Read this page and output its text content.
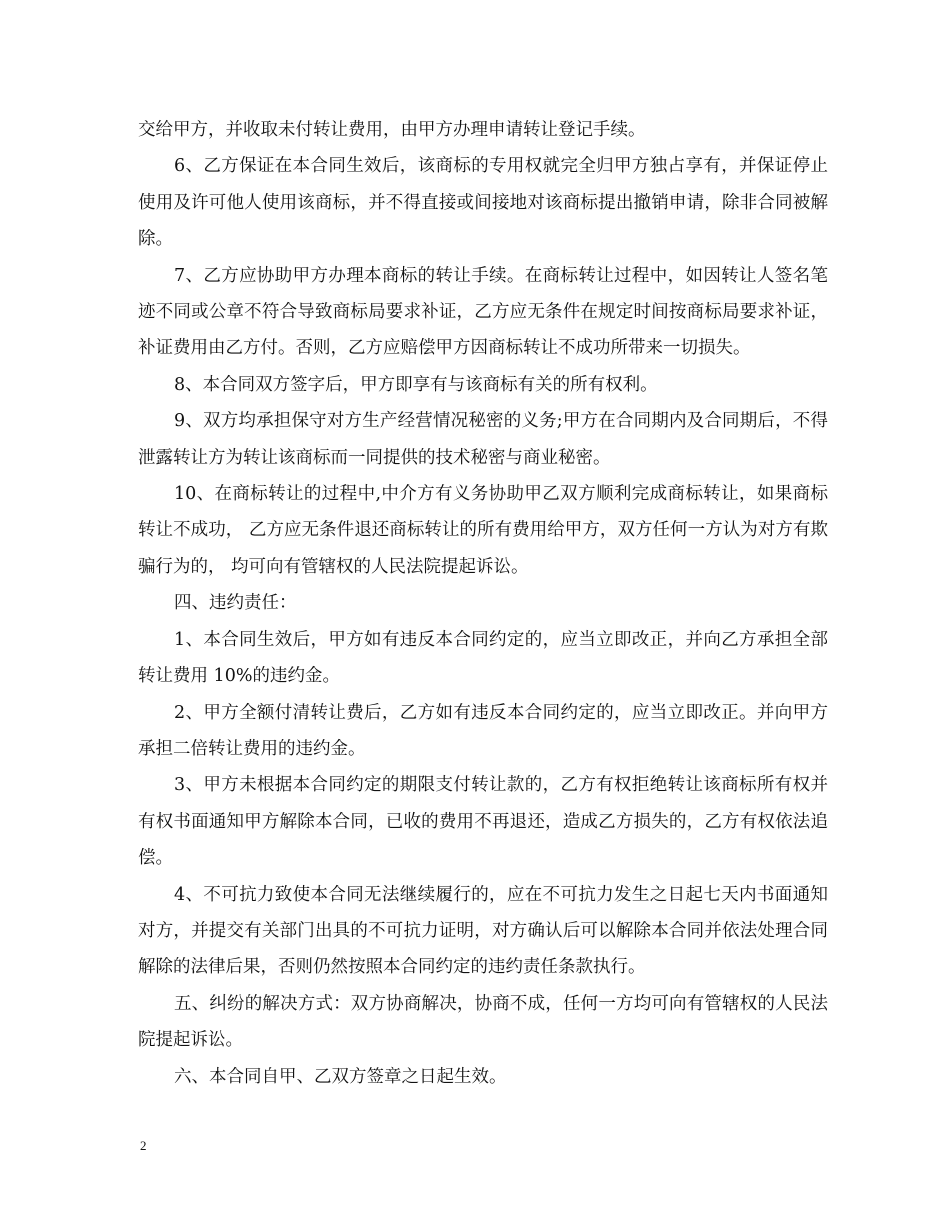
交给甲方，并收取未付转让费用，由甲方办理申请转让登记手续。

6、乙方保证在本合同生效后，该商标的专用权就完全归甲方独占享有，并保证停止使用及许可他人使用该商标，并不得直接或间接地对该商标提出撤销申请，除非合同被解除。

7、乙方应协助甲方办理本商标的转让手续。在商标转让过程中，如因转让人签名笔迹不同或公章不符合导致商标局要求补证，乙方应无条件在规定时间按商标局要求补证，补证费用由乙方付。否则，乙方应赔偿甲方因商标转让不成功所带来一切损失。

8、本合同双方签字后，甲方即享有与该商标有关的所有权利。

9、双方均承担保守对方生产经营情况秘密的义务;甲方在合同期内及合同期后，不得泄露转让方为转让该商标而一同提供的技术秘密与商业秘密。

10、在商标转让的过程中,中介方有义务协助甲乙双方顺利完成商标转让，如果商标转让不成功， 乙方应无条件退还商标转让的所有费用给甲方，双方任何一方认为对方有欺骗行为的， 均可向有管辖权的人民法院提起诉讼。

四、违约责任：

1、本合同生效后，甲方如有违反本合同约定的，应当立即改正，并向乙方承担全部转让费用 10%的违约金。

2、甲方全额付清转让费后，乙方如有违反本合同约定的，应当立即改正。并向甲方承担二倍转让费用的违约金。

3、甲方未根据本合同约定的期限支付转让款的，乙方有权拒绝转让该商标所有权并有权书面通知甲方解除本合同，已收的费用不再退还，造成乙方损失的，乙方有权依法追偿。

4、不可抗力致使本合同无法继续履行的，应在不可抗力发生之日起七天内书面通知对方，并提交有关部门出具的不可抗力证明，对方确认后可以解除本合同并依法处理合同解除的法律后果，否则仍然按照本合同约定的违约责任条款执行。

五、纠纷的解决方式：双方协商解决，协商不成，任何一方均可向有管辖权的人民法院提起诉讼。

六、本合同自甲、乙双方签章之日起生效。

2
